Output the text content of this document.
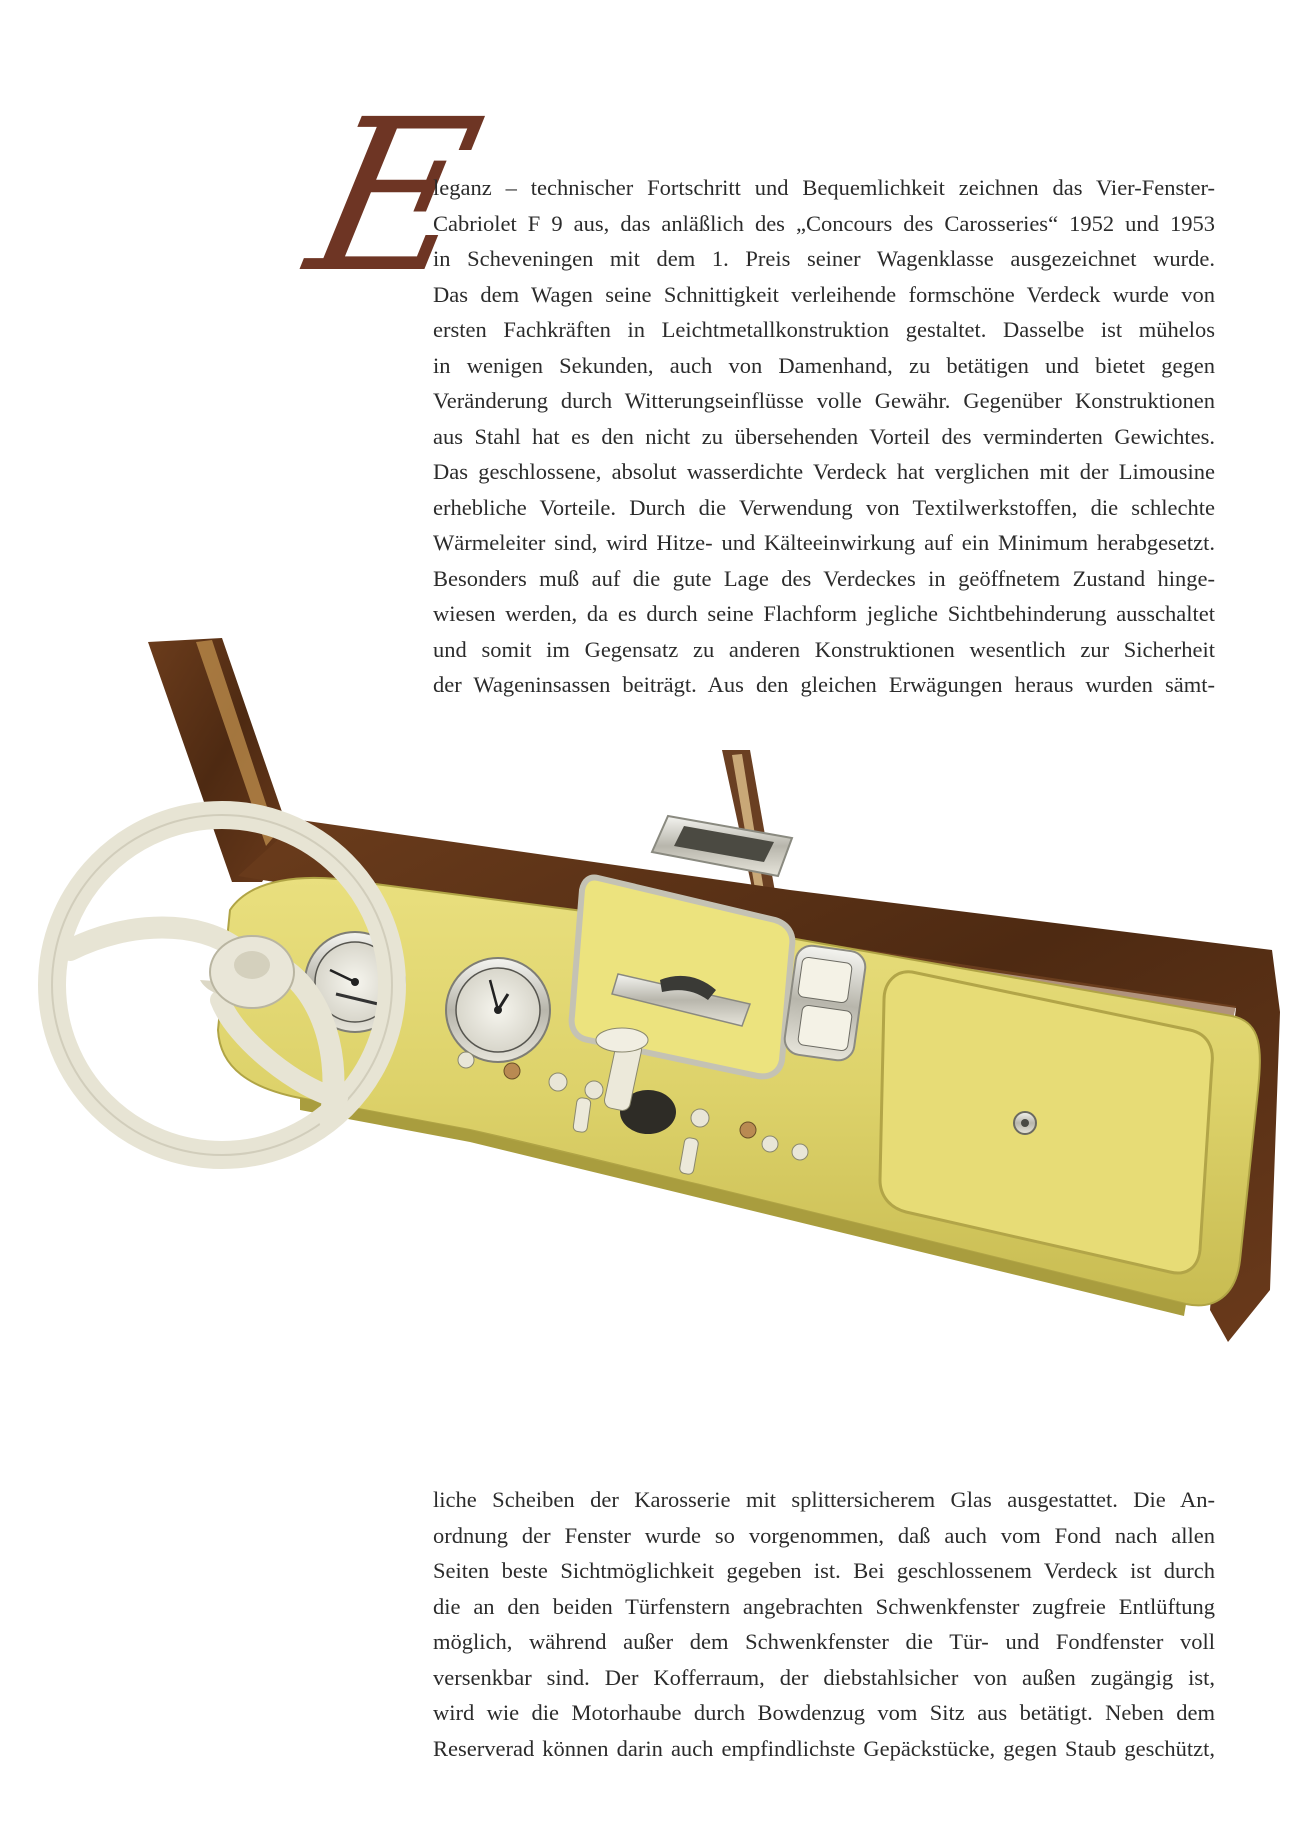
E
leganz – technischer Fortschritt und Bequemlichkeit zeichnen das Vier-Fenster-
Cabriolet F 9 aus, das anläßlich des „Concours des Carosseries“ 1952 und 1953
in Scheveningen mit dem 1. Preis seiner Wagenklasse ausgezeichnet wurde.
Das dem Wagen seine Schnittigkeit verleihende formschöne Verdeck wurde von
ersten Fachkräften in Leichtmetallkonstruktion gestaltet. Dasselbe ist mühelos
in wenigen Sekunden, auch von Damenhand, zu betätigen und bietet gegen
Veränderung durch Witterungseinflüsse volle Gewähr. Gegenüber Konstruktionen
aus Stahl hat es den nicht zu übersehenden Vorteil des verminderten Gewichtes.
Das geschlossene, absolut wasserdichte Verdeck hat verglichen mit der Limousine
erhebliche Vorteile. Durch die Verwendung von Textilwerkstoffen, die schlechte
Wärmeleiter sind, wird Hitze- und Kälteeinwirkung auf ein Minimum herabgesetzt.
Besonders muß auf die gute Lage des Verdeckes in geöffnetem Zustand hinge-
wiesen werden, da es durch seine Flachform jegliche Sichtbehinderung ausschaltet
und somit im Gegensatz zu anderen Konstruktionen wesentlich zur Sicherheit
der Wageninsassen beiträgt. Aus den gleichen Erwägungen heraus wurden sämt-
liche Scheiben der Karosserie mit splittersicherem Glas ausgestattet. Die An-
ordnung der Fenster wurde so vorgenommen, daß auch vom Fond nach allen
Seiten beste Sichtmöglichkeit gegeben ist. Bei geschlossenem Verdeck ist durch
die an den beiden Türfenstern angebrachten Schwenkfenster zugfreie Entlüftung
möglich, während außer dem Schwenkfenster die Tür- und Fondfenster voll
versenkbar sind. Der Kofferraum, der diebstahlsicher von außen zugängig ist,
wird wie die Motorhaube durch Bowdenzug vom Sitz aus betätigt. Neben dem
Reserverad können darin auch empfindlichste Gepäckstücke, gegen Staub geschützt,
